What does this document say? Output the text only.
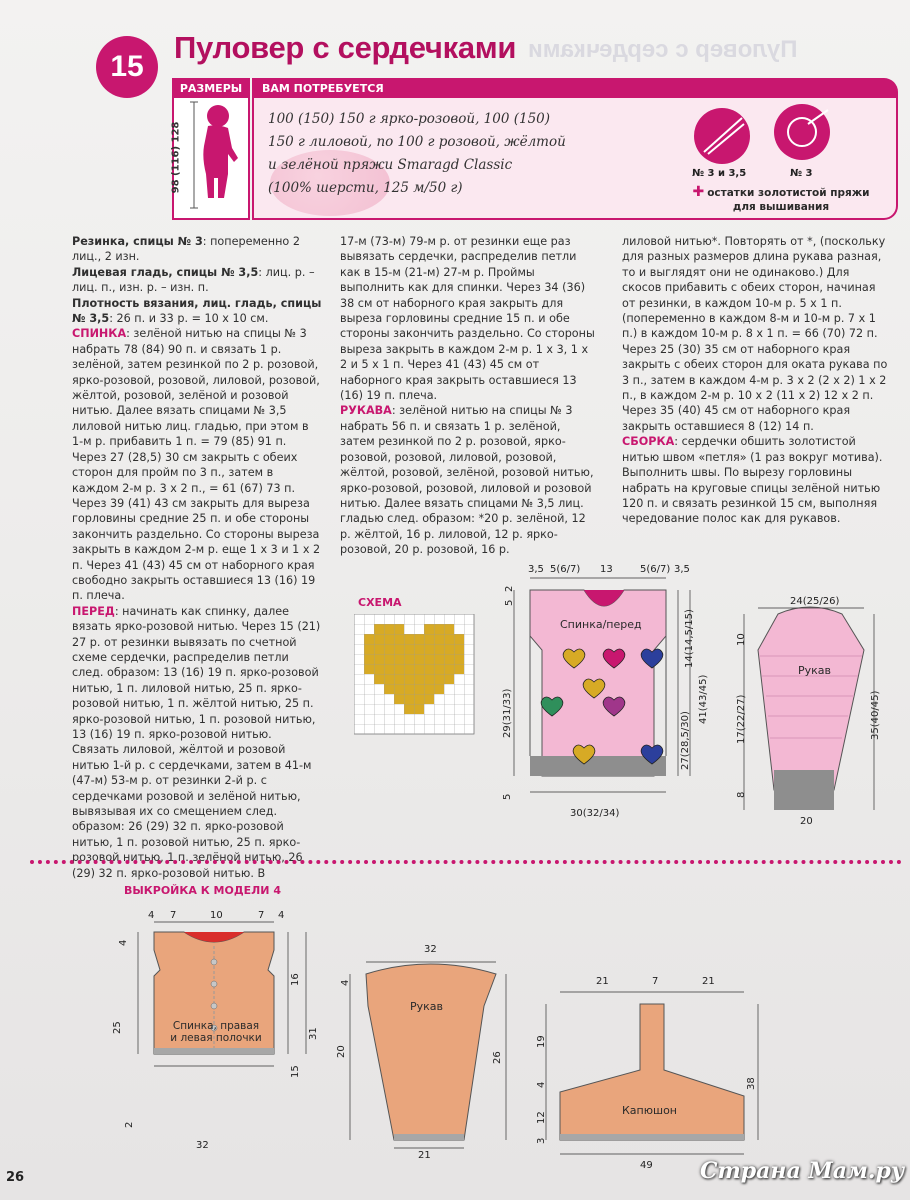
15
Пуловер с сердечками Пуловер с сердечками
РАЗМЕРЫ
98 (116) 128
ВАМ ПОТРЕБУЕТСЯ
100 (150) 150 г ярко-розовой, 100 (150)
150 г лиловой, по 100 г розовой, жёлтой
и зелёной пряжи Smaragd Classic
(100% шерсти, 125 м/50 г)
№ 3 и 3,5	№ 3
✚ остатки золотистой пряжи
для вышивания

Резинка, спицы № 3: попеременно 2 лиц., 2 изн.

Лицевая гладь, спицы № 3,5: лиц. р. – лиц. п., изн. р. – изн. п.

Плотность вязания, лиц. гладь, спицы № 3,5: 26 п. и 33 р. = 10 x 10 см.

СПИНКА: зелёной нитью на спицы № 3 набрать 78 (84) 90 п. и связать 1 р. зелёной, затем резинкой по 2 р. розовой, ярко-розовой, розовой, лиловой, розовой, жёлтой, розовой, зелёной и розовой нитью. Далее вязать спицами № 3,5 лиловой нитью лиц. гладью, при этом в 1-м р. прибавить 1 п. = 79 (85) 91 п. Через 27 (28,5) 30 см закрыть с обеих сторон для пройм по 3 п., затем в каждом 2-м р. 3 x 2 п., = 61 (67) 73 п. Через 39 (41) 43 см закрыть для выреза горловины средние 25 п. и обе стороны закончить раздельно. Со стороны выреза закрыть в каждом 2-м р. еще 1 x 3 и 1 x 2 п. Через 41 (43) 45 см от наборного края свободно закрыть оставшиеся 13 (16) 19 п. плеча.

ПЕРЕД: начинать как спинку, далее вязать ярко-розовой нитью. Через 15 (21) 27 р. от резинки вывязать по счетной схеме сердечки, распределив петли след. образом: 13 (16) 19 п. ярко-розовой нитью, 1 п. лиловой нитью, 25 п. ярко-розовой нитью, 1 п. жёлтой нитью, 25 п. ярко-розовой нитью, 1 п. розовой нитью, 13 (16) 19 п. ярко-розовой нитью. Связать лиловой, жёлтой и розовой нитью 1-й р. с сердечками, затем в 41-м (47-м) 53-м р. от резинки 2-й р. с сердечками розовой и зелёной нитью, вывязывая их со смещением след. образом: 26 (29) 32 п. ярко-розовой нитью, 1 п. розовой нитью, 25 п. ярко-розовой нитью, 1 п. зелёной нитью, 26 (29) 32 п. ярко-розовой нитью. В

17-м (73-м) 79-м р. от резинки еще раз вывязать сердечки, распределив петли как в 15-м (21-м) 27-м р. Проймы выполнить как для спинки. Через 34 (36) 38 см от наборного края закрыть для выреза горловины средние 15 п. и обе стороны закончить раздельно. Со стороны выреза закрыть в каждом 2-м р. 1 x 3, 1 x 2 и 5 x 1 п. Через 41 (43) 45 см от наборного края закрыть оставшиеся 13 (16) 19 п. плеча.

РУКАВА: зелёной нитью на спицы № 3 набрать 56 п. и связать 1 р. зелёной, затем резинкой по 2 р. розовой, ярко-розовой, розовой, лиловой, розовой, жёлтой, розовой, зелёной, розовой нитью, ярко-розовой, розовой, лиловой и розовой нитью. Далее вязать спицами № 3,5 лиц. гладью след. образом: *20 р. зелёной, 12 р. жёлтой, 16 р. лиловой, 12 р. ярко-розовой, 20 р. розовой, 16 р.

лиловой нитью*. Повторять от *, (поскольку для разных размеров длина рукава разная, то и выглядят они не одинаково.) Для скосов прибавить с обеих сторон, начиная от резинки, в каждом 10-м р. 5 x 1 п. (попеременно в каждом 8-м и 10-м р. 7 x 1 п.) в каждом 10-м р. 8 x 1 п. = 66 (70) 72 п. Через 25 (30) 35 см от наборного края закрыть с обеих сторон для оката рукава по 3 п., затем в каждом 4-м р. 3 x 2 (2 x 2) 1 x 2 п., в каждом 2-м р. 10 x 2 (11 x 2) 12 x 2 п. Через 35 (40) 45 см от наборного края закрыть оставшиеся 8 (12) 14 п.

СБОРКА: сердечки обшить золотистой нитью швом «петля» (1 раз вокруг мотива). Выполнить швы. По вырезу горловины набрать на круговые спицы зелёной нитью 120 п. и связать резинкой 15 см, выполняя чередование полос как для рукавов.

СХЕМА
3,5 5(6/7) 13	5(6/7) 3,5
Спинка/перед
5
2
29(31/33)
5
14(14,5/15)
41(43/45)
27(28,5/30)
30(32/34)
24(25/26)
Рукав
10
17(22/27)
8
35(40/45)
20
ВЫКРОЙКА К МОДЕЛИ 4
4 7	10	7 4
Спинка, правая
и левая полочки
4
25
2
16
31
15
32
32
Рукав
4
20	26
21
21	7	21
Капюшон
19
4
12
3
38
49
26	Страна Мам.ру
